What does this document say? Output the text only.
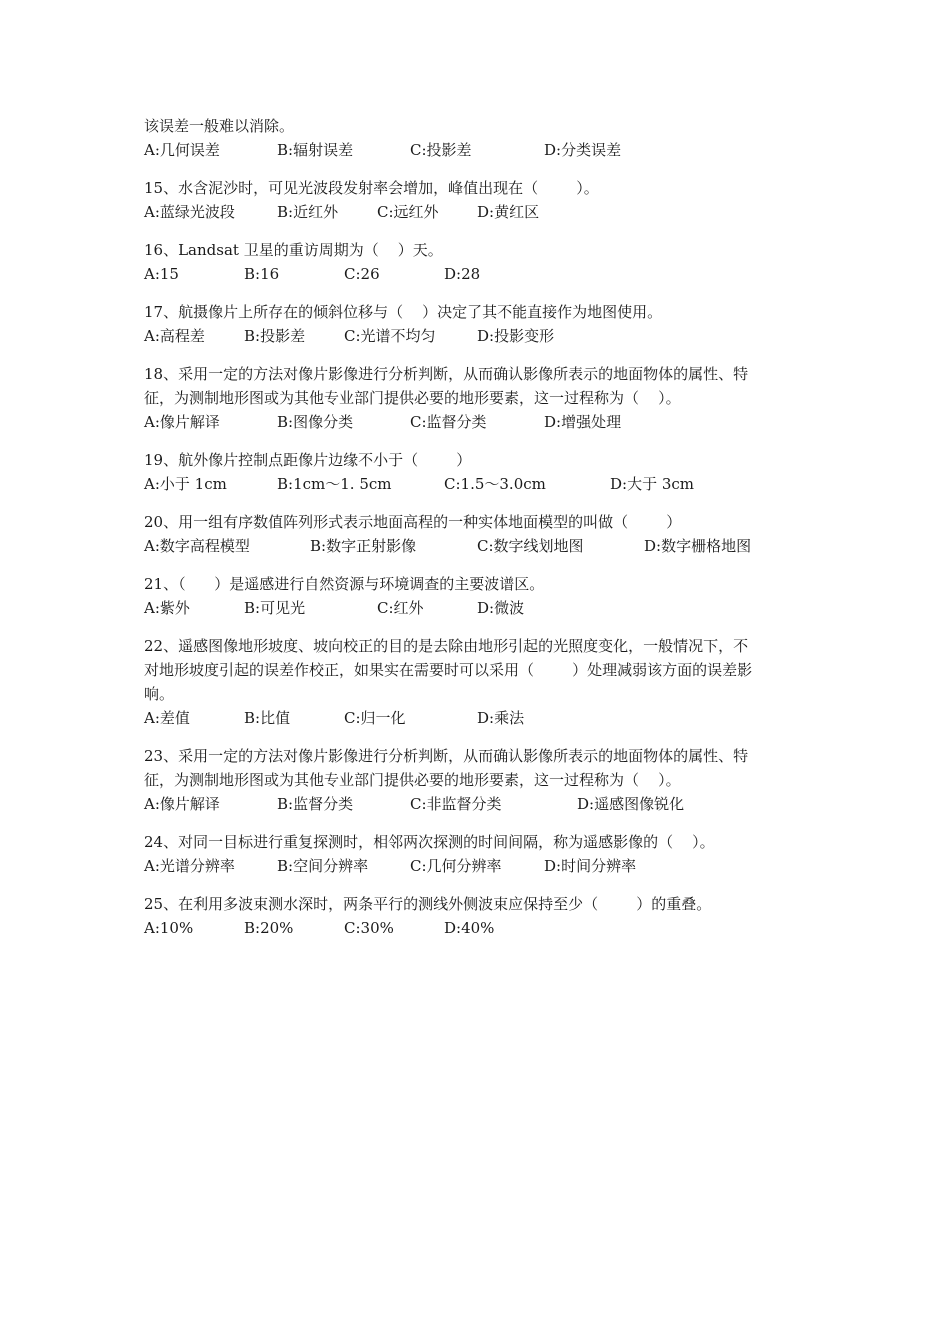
该误差一般难以消除。
A:几何误差	B:辐射误差	C:投影差	D:分类误差
15、水含泥沙时，可见光波段发射率会增加，峰值出现在（        ）。
A:蓝绿光波段	B:近红外	C:远红外	D:黄红区
16、Landsat 卫星的重访周期为（    ）天。
A:15	B:16	C:26	D:28
17、航摄像片上所存在的倾斜位移与（    ）决定了其不能直接作为地图使用。
A:高程差	B:投影差	C:光谱不均匀	D:投影变形
18、采用一定的方法对像片影像进行分析判断，从而确认影像所表示的地面物体的属性、特
征，为测制地形图或为其他专业部门提供必要的地形要素，这一过程称为（    ）。
A:像片解译	B:图像分类	C:监督分类	D:增强处理
19、航外像片控制点距像片边缘不小于（        ）
A:小于 1cm	B:1cm～1. 5cm	C:1.5～3.0cm	D:大于 3cm
20、用一组有序数值阵列形式表示地面高程的一种实体地面模型的叫做（        ）
A:数字高程模型	B:数字正射影像	C:数字线划地图	D:数字栅格地图
21、（      ）是遥感进行自然资源与环境调查的主要波谱区。
A:紫外	B:可见光	C:红外	D:微波
22、遥感图像地形坡度、坡向校正的目的是去除由地形引起的光照度变化，一般情况下，不
对地形坡度引起的误差作校正，如果实在需要时可以采用（        ）处理减弱该方面的误差影
响。
A:差值	B:比值	C:归一化	D:乘法
23、采用一定的方法对像片影像进行分析判断，从而确认影像所表示的地面物体的属性、特
征，为测制地形图或为其他专业部门提供必要的地形要素，这一过程称为（    ）。
A:像片解译	B:监督分类	C:非监督分类	D:遥感图像锐化
24、对同一目标进行重复探测时，相邻两次探测的时间间隔，称为遥感影像的（    ）。
A:光谱分辨率	B:空间分辨率	C:几何分辨率	D:时间分辨率
25、在利用多波束测水深时，两条平行的测线外侧波束应保持至少（        ）的重叠。
A:10%	B:20%	C:30%	D:40%
